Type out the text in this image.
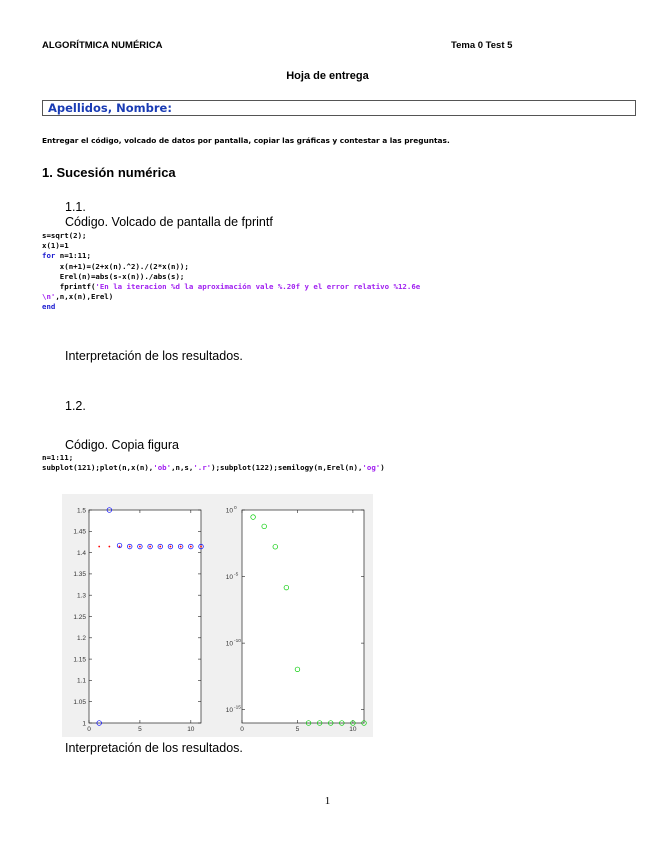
ALGORÍTMICA NUMÉRICA	Tema 0 Test 5
Hoja de entrega
Apellidos, Nombre:
Entregar el código, volcado de datos por pantalla, copiar las gráficas y contestar a las preguntas.
1. Sucesión numérica
1.1.
Código. Volcado de pantalla de fprintf
s=sqrt(2);
x(1)=1
for n=1:11;
x(n+1)=(2+x(n).^2)./(2*x(n));
Erel(n)=abs(s-x(n))./abs(s);
fprintf('En la iteracion %d la aproximación vale %.20f y el error relativo %12.6e
\n',n,x(n),Erel)
end
Interpretación de los resultados.
1.2.
Código. Copia figura
n=1:11;
subplot(121);plot(n,x(n),'ob',n,s,'.r');subplot(122);semilogy(n,Erel(n),'og')
1.5
1.45
1.4
1.35
1.3
1.25
1.2
1.15
1.1
1.05
1
0	5	10
10 0
10 -5
10 -10
10 -15
0	5	10
Interpretación de los resultados.
1
